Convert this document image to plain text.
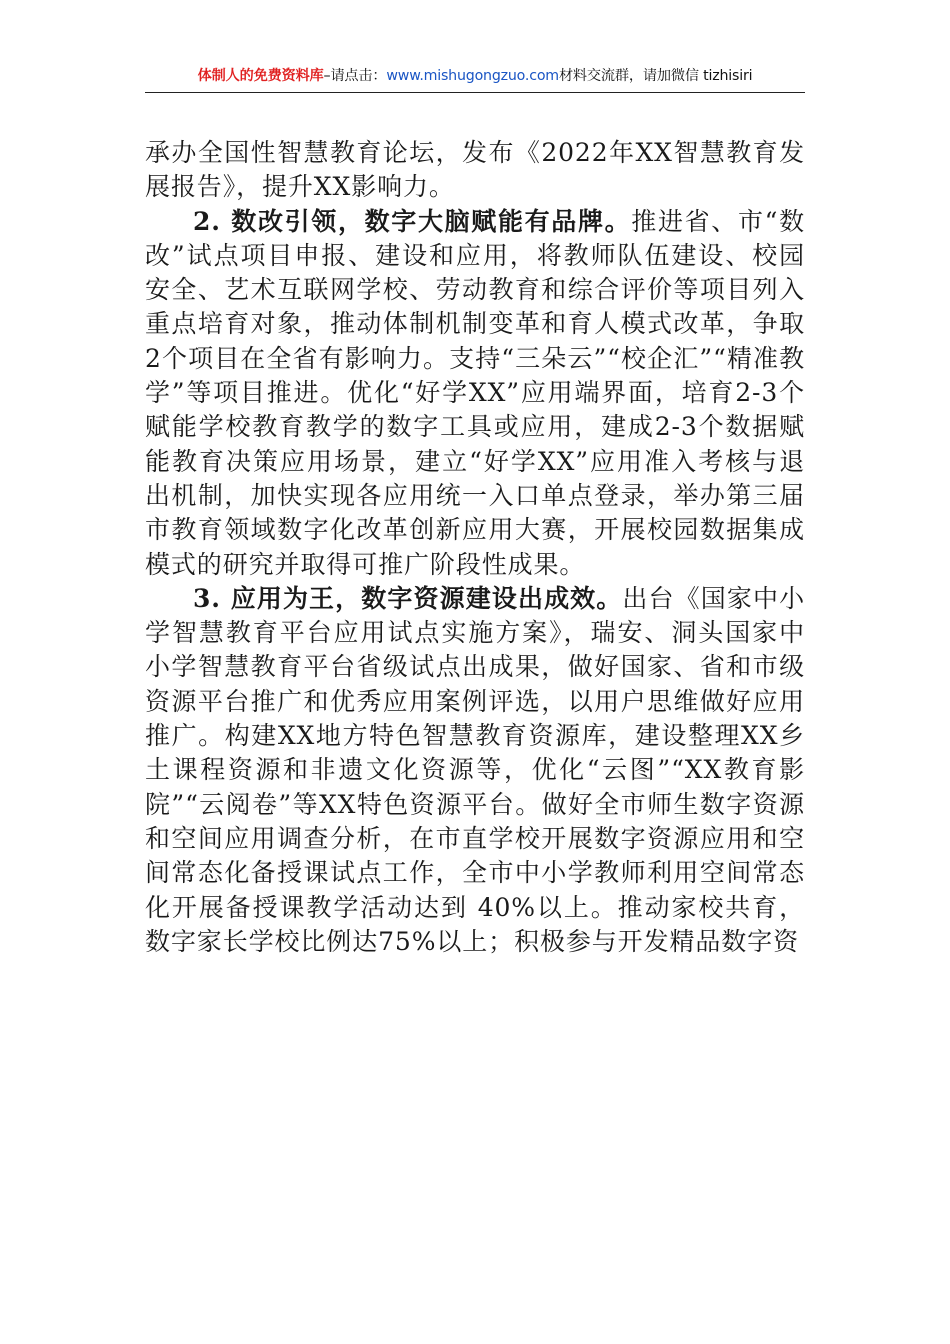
体制人的免费资料库–请点击：www.mishugongzuo.com材料交流群，请加微信 tizhisiri

承办全国性智慧教育论坛，发布《2022年XX智慧教育发展报告》，提升XX影响力。

2. 数改引领，数字大脑赋能有品牌。推进省、市“数改”试点项目申报、建设和应用，将教师队伍建设、校园安全、艺术互联网学校、劳动教育和综合评价等项目列入重点培育对象，推动体制机制变革和育人模式改革，争取2个项目在全省有影响力。支持“三朵云”“校企汇”“精准教学”等项目推进。优化“好学XX”应用端界面，培育2-3个赋能学校教育教学的数字工具或应用，建成2-3个数据赋能教育决策应用场景，建立“好学XX”应用准入考核与退出机制，加快实现各应用统一入口单点登录，举办第三届市教育领域数字化改革创新应用大赛，开展校园数据集成模式的研究并取得可推广阶段性成果。

3. 应用为王，数字资源建设出成效。出台《国家中小学智慧教育平台应用试点实施方案》，瑞安、洞头国家中小学智慧教育平台省级试点出成果，做好国家、省和市级资源平台推广和优秀应用案例评选，以用户思维做好应用推广。构建XX地方特色智慧教育资源库，建设整理XX乡土课程资源和非遗文化资源等，优化“云图”“XX教育影院”“云阅卷”等XX特色资源平台。做好全市师生数字资源和空间应用调查分析，在市直学校开展数字资源应用和空间常态化备授课试点工作，全市中小学教师利用空间常态化开展备授课教学活动达到 40%以上。推动家校共育，数字家长学校比例达75%以上；积极参与开发精品数字资
